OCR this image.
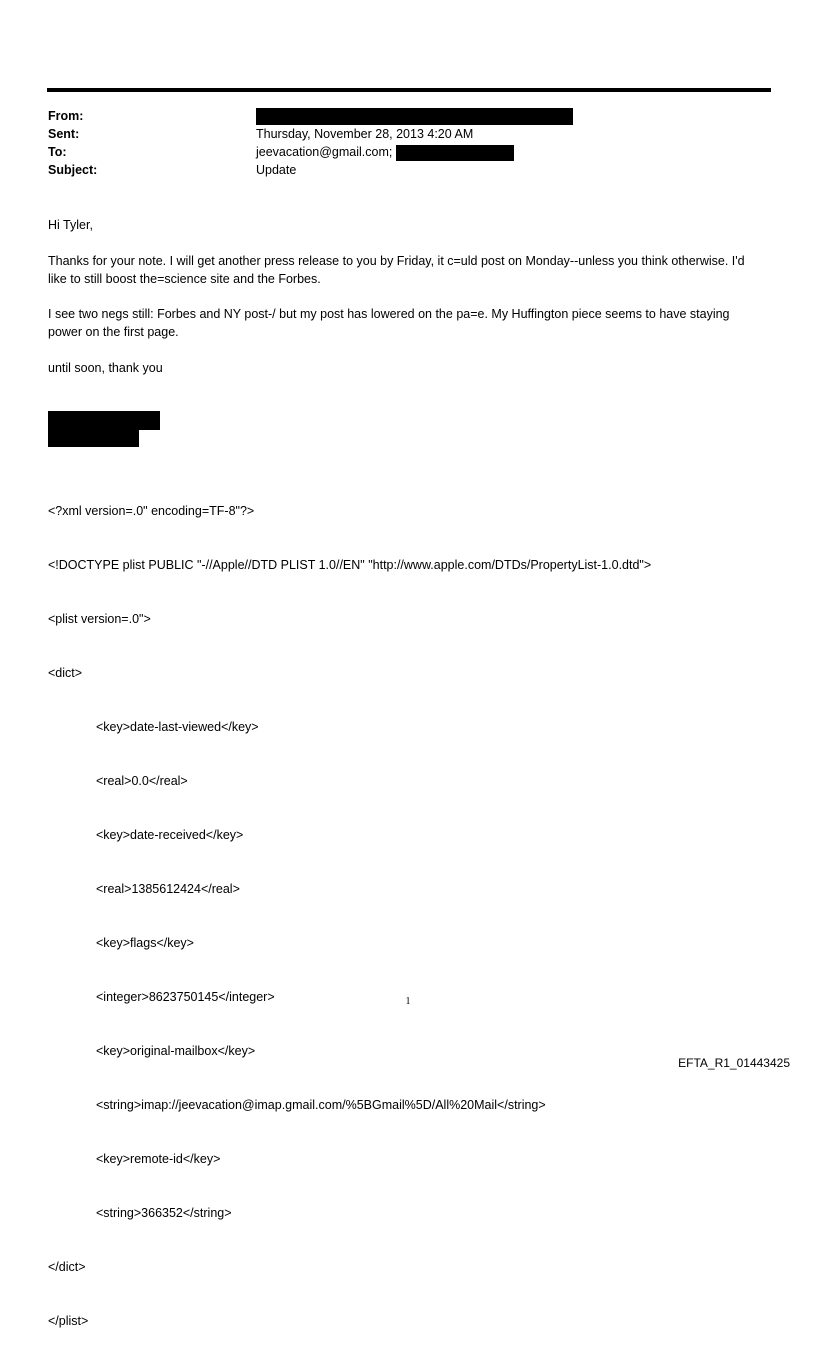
From:
Sent:	Thursday, November 28, 2013 4:20 AM
To:	jeevacation@gmail.com;
Subject:	Update

Hi Tyler,

Thanks for your note. I will get another press release to you by Friday, it c=uld post on Monday--unless you think otherwise. I'd like to still boost the=science site and the Forbes.

I see two negs still: Forbes and NY post-/ but my post has lowered on the pa=e. My Huffington piece seems to have staying power on the first page.

until soon, thank you

<?xml version=.0" encoding=TF-8"?>

<!DOCTYPE plist PUBLIC "-//Apple//DTD PLIST 1.0//EN" "http://www.apple.com/DTDs/PropertyList-1.0.dtd">

<plist version=.0">

<dict>

<key>date-last-viewed</key>

<real>0.0</real>

<key>date-received</key>

<real>1385612424</real>

<key>flags</key>

<integer>8623750145</integer>

<key>original-mailbox</key>

<string>imap://jeevacation@imap.gmail.com/%5BGmail%5D/All%20Mail</string>

<key>remote-id</key>

<string>366352</string>

</dict>

</plist>

1
EFTA_R1_01443425
